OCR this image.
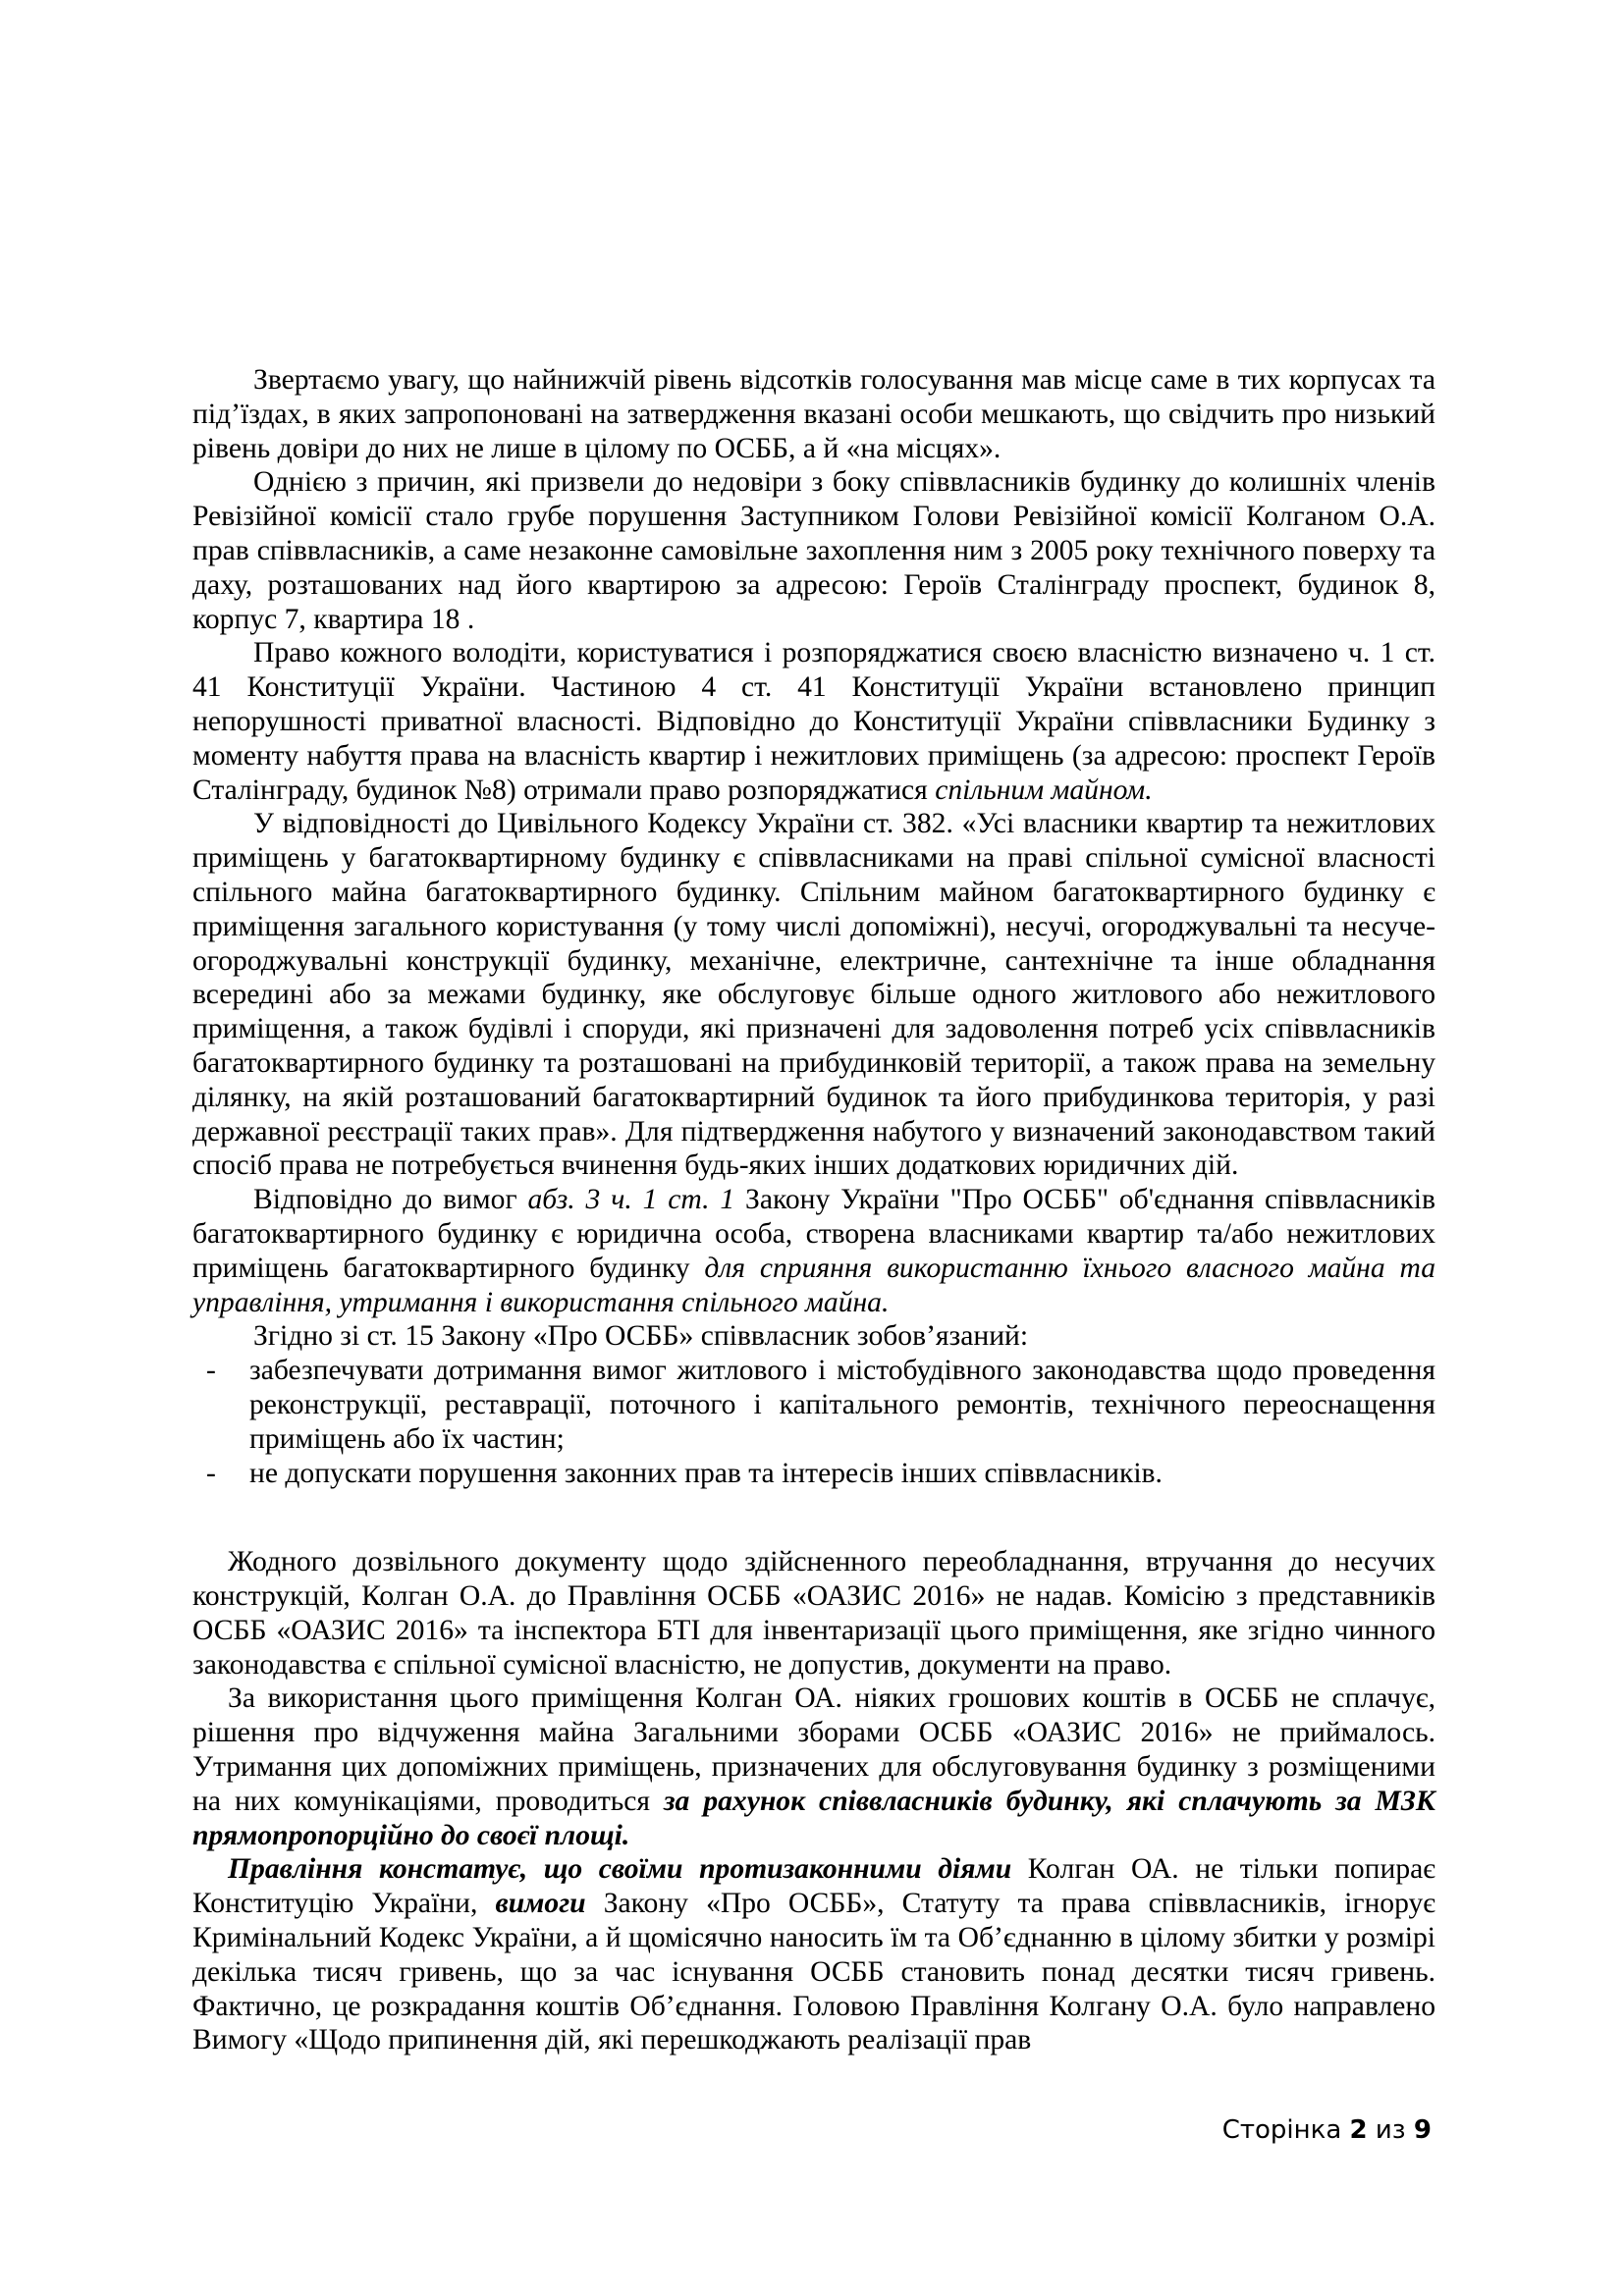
Звертаємо увагу, що найнижчій рівень відсотків голосування мав місце саме в тих корпусах та під’їздах, в яких запропоновані на затвердження вказані особи мешкають, що свідчить про низький рівень довіри до них не лише в цілому по ОСББ, а й «на місцях».

Однією з причин, які призвели до недовіри з боку співвласників будинку до колишніх членів Ревізійної комісії стало грубе порушення Заступником Голови Ревізійної комісії Колганом О.А. прав співвласників, а саме незаконне самовільне захоплення ним з 2005 року технічного поверху та даху, розташованих над його квартирою за адресою: Героїв Сталінграду проспект, будинок 8, корпус 7, квартира 18 .

Право кожного володіти, користуватися і розпоряджатися своєю власністю визначено ч. 1 ст. 41 Конституції України. Частиною 4 ст. 41 Конституції України встановлено принцип непорушності приватної власності. Відповідно до Конституції України співвласники Будинку з моменту набуття права на власність квартир і нежитлових приміщень (за адресою: проспект Героїв Сталінграду, будинок №8) отримали право розпоряджатися спільним майном.

У відповідності до Цивільного Кодексу України ст. 382. «Усі власники квартир та нежитлових приміщень у багатоквартирному будинку є співвласниками на праві спільної сумісної власності спільного майна багатоквартирного будинку. Спільним майном багатоквартирного будинку є приміщення загального користування (у тому числі допоміжні), несучі, огороджувальні та несуче-огороджувальні конструкції будинку, механічне, електричне, сантехнічне та інше обладнання всередині або за межами будинку, яке обслуговує більше одного житлового або нежитлового приміщення, а також будівлі і споруди, які призначені для задоволення потреб усіх співвласників багатоквартирного будинку та розташовані на прибудинковій території, а також права на земельну ділянку, на якій розташований багатоквартирний будинок та його прибудинкова територія, у разі державної реєстрації таких прав». Для підтвердження набутого у визначений законодавством такий спосіб права не потребується вчинення будь-яких інших додаткових юридичних дій.

Відповідно до вимог абз. 3 ч. 1 ст. 1 Закону України "Про ОСББ" об'єднання співвласників багатоквартирного будинку є юридична особа, створена власниками квартир та/або нежитлових приміщень багатоквартирного будинку для сприяння використанню їхнього власного майна та управління, утримання і використання спільного майна.

Згідно зі ст. 15 Закону «Про ОСББ» співвласник зобов’язаний:

- забезпечувати дотримання вимог житлового і містобудівного законодавства щодо проведення реконструкції, реставрації, поточного і капітального ремонтів, технічного переоснащення приміщень або їх частин;
- не допускати порушення законних прав та інтересів інших співвласників.

Жодного дозвільного документу щодо здійсненного переобладнання, втручання до несучих конструкцій, Колган О.А. до Правління ОСББ «ОАЗИС 2016» не надав. Комісію з представників ОСББ «ОАЗИС 2016» та інспектора БТІ для інвентаризації цього приміщення, яке згідно чинного законодавства є спільної сумісної власністю, не допустив, документи на право.

За використання цього приміщення Колган ОА. ніяких грошових коштів в ОСББ не сплачує, рішення про відчуження майна Загальними зборами ОСББ «ОАЗИС 2016» не приймалось. Утримання цих допоміжних приміщень, призначених для обслуговування будинку з розміщеними на них комунікаціями, проводиться за рахунок співвласників будинку, які сплачують за МЗК прямопропорційно до своєї площі.

Правління констатує, що своїми протизаконними діями Колган ОА. не тільки попирає Конституцію України, вимоги Закону «Про ОСББ», Статуту та права співвласників, ігнорує Кримінальний Кодекс України, а й щомісячно наносить їм та Об’єднанню в цілому збитки у розмірі декілька тисяч гривень, що за час існування ОСББ становить понад десятки тисяч гривень. Фактично, це розкрадання коштів Об’єднання. Головою Правління Колгану О.А. було направлено Вимогу «Щодо припинення дій, які перешкоджають реалізації прав

Сторінка 2 из 9
